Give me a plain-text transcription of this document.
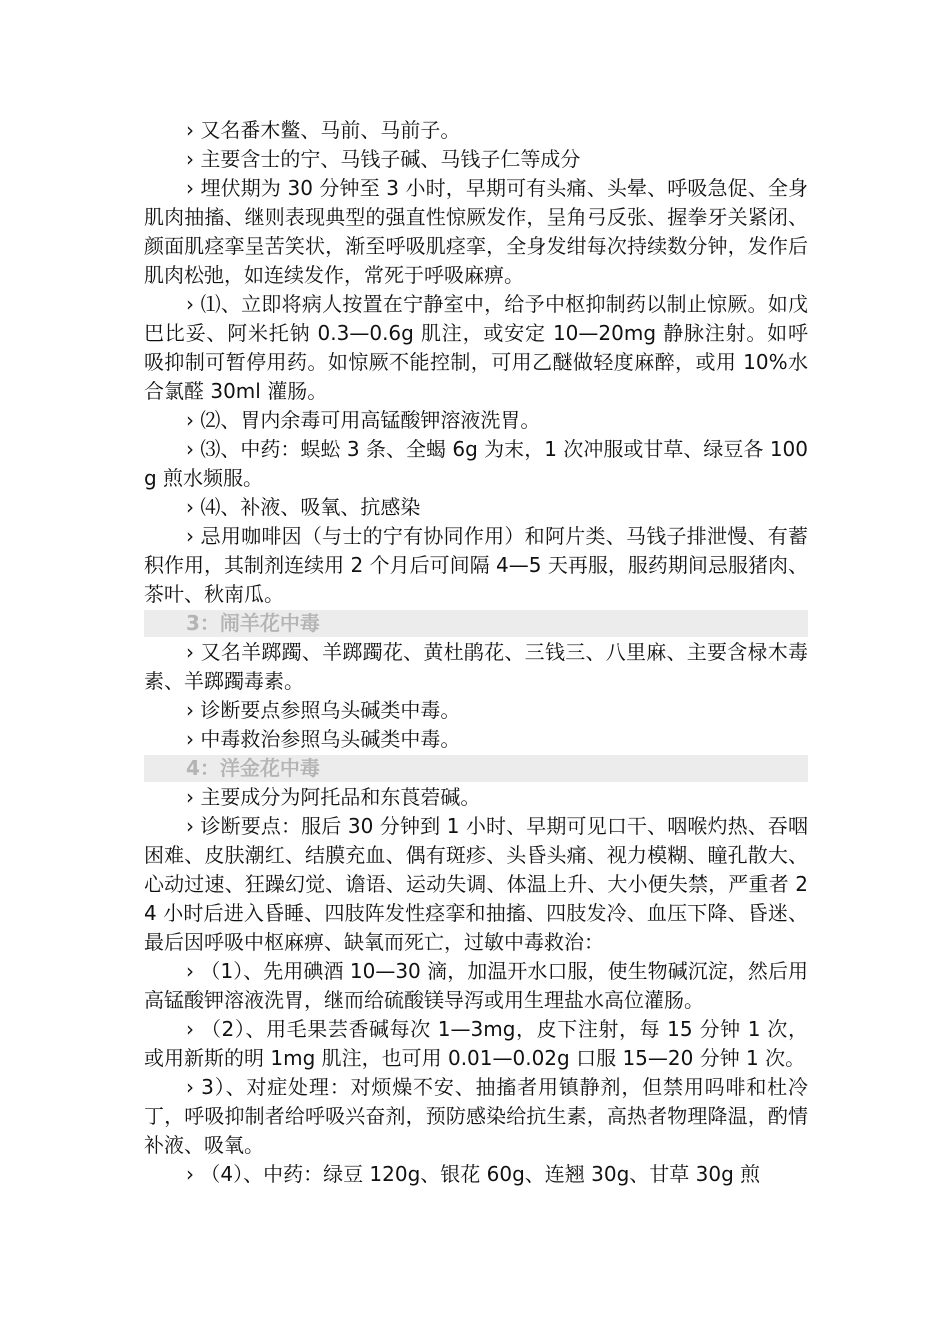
› 又名番木鳖、马前、马前子。

› 主要含士的宁、马钱子碱、马钱子仁等成分

› 埋伏期为 30 分钟至 3 小时，早期可有头痛、头晕、呼吸急促、全身肌肉抽搐、继则表现典型的强直性惊厥发作，呈角弓反张、握拳牙关紧闭、颜面肌痉挛呈苦笑状，渐至呼吸肌痉挛，全身发绀每次持续数分钟，发作后肌肉松弛，如连续发作，常死于呼吸麻痹。

› ⑴、立即将病人按置在宁静室中，给予中枢抑制药以制止惊厥。如戊巴比妥、阿米托钠 0.3—0.6g 肌注，或安定 10—20mg 静脉注射。如呼吸抑制可暂停用药。如惊厥不能控制，可用乙醚做轻度麻醉，或用 10%水合氯醛 30ml 灌肠。

› ⑵、胃内余毒可用高锰酸钾溶液洗胃。

› ⑶、中药：蜈蚣 3 条、全蝎 6g 为末，1 次冲服或甘草、绿豆各 100g 煎水频服。

› ⑷、补液、吸氧、抗感染

› 忌用咖啡因（与士的宁有协同作用）和阿片类、马钱子排泄慢、有蓄积作用，其制剂连续用 2 个月后可间隔 4—5 天再服，服药期间忌服猪肉、茶叶、秋南瓜。

3：闹羊花中毒

› 又名羊踯躅、羊踯躅花、黄杜鹃花、三钱三、八里麻、主要含椂木毒素、羊踯躅毒素。

› 诊断要点参照乌头碱类中毒。

› 中毒救治参照乌头碱类中毒。

4：洋金花中毒

› 主要成分为阿托品和东莨菪碱。

› 诊断要点：服后 30 分钟到 1 小时、早期可见口干、咽喉灼热、吞咽困难、皮肤潮红、结膜充血、偶有斑疹、头昏头痛、视力模糊、瞳孔散大、心动过速、狂躁幻觉、谵语、运动失调、体温上升、大小便失禁，严重者 24 小时后进入昏睡、四肢阵发性痉挛和抽搐、四肢发冷、血压下降、昏迷、最后因呼吸中枢麻痹、缺氧而死亡，过敏中毒救治：

› （1）、先用碘酒 10—30 滴，加温开水口服，使生物碱沉淀，然后用高锰酸钾溶液洗胃，继而给硫酸镁导泻或用生理盐水高位灌肠。

› （2）、用毛果芸香碱每次 1—3mg，皮下注射，每 15 分钟 1 次，或用新斯的明 1mg 肌注，也可用 0.01—0.02g 口服 15—20 分钟 1 次。

› 3）、对症处理：对烦燥不安、抽搐者用镇静剂，但禁用吗啡和杜冷丁，呼吸抑制者给呼吸兴奋剂，预防感染给抗生素，高热者物理降温，酌情补液、吸氧。

› （4）、中药：绿豆 120g、银花 60g、连翘 30g、甘草 30g 煎
